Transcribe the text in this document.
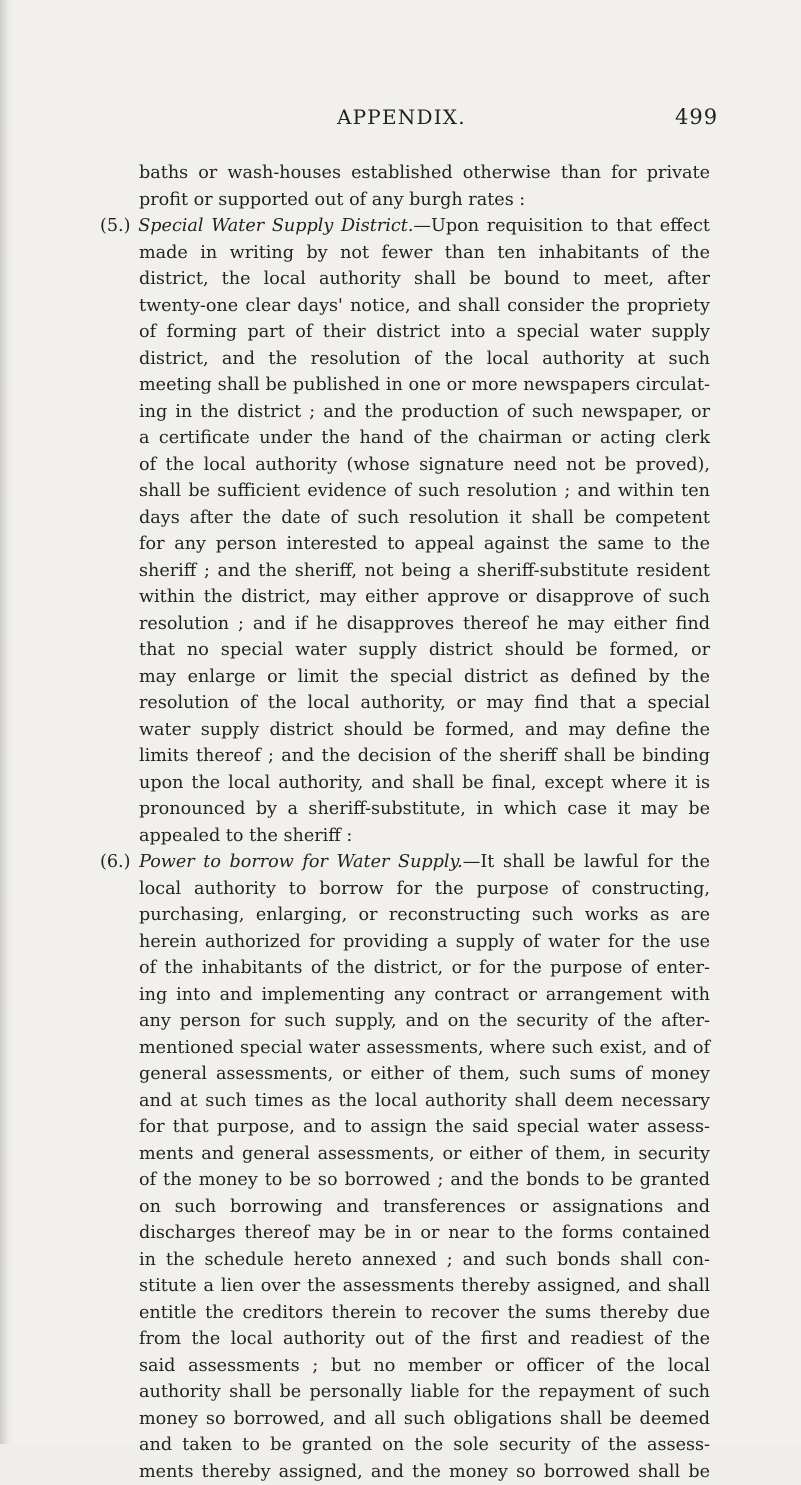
APPENDIX.	499
baths or wash-houses established otherwise than for private
profit or supported out of any burgh rates :
(5.) Special Water Supply District.—Upon requisition to that effect
made in writing by not fewer than ten inhabitants of the
district, the local authority shall be bound to meet, after
twenty-one clear days' notice, and shall consider the propriety
of forming part of their district into a special water supply
district, and the resolution of the local authority at such
meeting shall be published in one or more newspapers circulat-
ing in the district ; and the production of such newspaper, or
a certificate under the hand of the chairman or acting clerk
of the local authority (whose signature need not be proved),
shall be sufficient evidence of such resolution ; and within ten
days after the date of such resolution it shall be competent
for any person interested to appeal against the same to the
sheriff ; and the sheriff, not being a sheriff-substitute resident
within the district, may either approve or disapprove of such
resolution ; and if he disapproves thereof he may either find
that no special water supply district should be formed, or
may enlarge or limit the special district as defined by the
resolution of the local authority, or may find that a special
water supply district should be formed, and may define the
limits thereof ; and the decision of the sheriff shall be binding
upon the local authority, and shall be final, except where it is
pronounced by a sheriff-substitute, in which case it may be
appealed to the sheriff :
(6.) Power to borrow for Water Supply.—It shall be lawful for the
local authority to borrow for the purpose of constructing,
purchasing, enlarging, or reconstructing such works as are
herein authorized for providing a supply of water for the use
of the inhabitants of the district, or for the purpose of enter-
ing into and implementing any contract or arrangement with
any person for such supply, and on the security of the after-
mentioned special water assessments, where such exist, and of
general assessments, or either of them, such sums of money
and at such times as the local authority shall deem necessary
for that purpose, and to assign the said special water assess-
ments and general assessments, or either of them, in security
of the money to be so borrowed ; and the bonds to be granted
on such borrowing and transferences or assignations and
discharges thereof may be in or near to the forms contained
in the schedule hereto annexed ; and such bonds shall con-
stitute a lien over the assessments thereby assigned, and shall
entitle the creditors therein to recover the sums thereby due
from the local authority out of the first and readiest of the
said assessments ; but no member or officer of the local
authority shall be personally liable for the repayment of such
money so borrowed, and all such obligations shall be deemed
and taken to be granted on the sole security of the assess-
ments thereby assigned, and the money so borrowed shall be
